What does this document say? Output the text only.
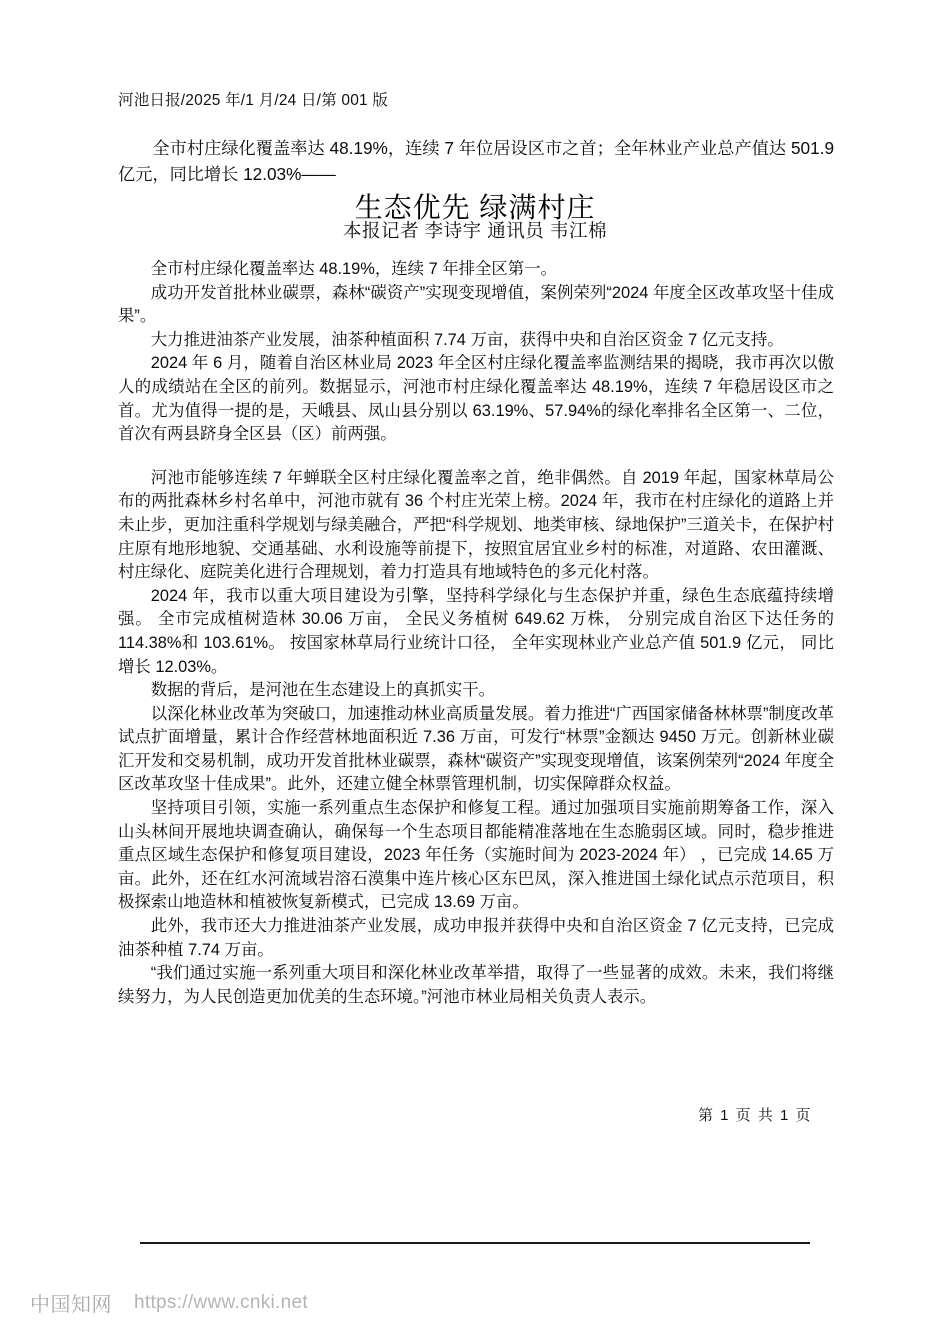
河池日报/2025 年/1 月/24 日/第 001 版
全市村庄绿化覆盖率达 48.19%，连续 7 年位居设区市之首；全年林业产业总产值达 501.9 亿元，同比增长 12.03%——
生态优先 绿满村庄
本报记者 李诗宇 通讯员 韦江棉

全市村庄绿化覆盖率达 48.19%，连续 7 年排全区第一。

成功开发首批林业碳票，森林“碳资产”实现变现增值，案例荣列“2024 年度全区改革攻坚十佳成果”。

大力推进油茶产业发展，油茶种植面积 7.74 万亩，获得中央和自治区资金 7 亿元支持。

2024 年 6 月，随着自治区林业局 2023 年全区村庄绿化覆盖率监测结果的揭晓，我市再次以傲人的成绩站在全区的前列。数据显示，河池市村庄绿化覆盖率达 48.19%，连续 7 年稳居设区市之首。尤为值得一提的是，天峨县、凤山县分别以 63.19%、57.94%的绿化率排名全区第一、二位，首次有两县跻身全区县（区）前两强。

河池市能够连续 7 年蝉联全区村庄绿化覆盖率之首，绝非偶然。自 2019 年起，国家林草局公布的两批森林乡村名单中，河池市就有 36 个村庄光荣上榜。2024 年，我市在村庄绿化的道路上并未止步，更加注重科学规划与绿美融合，严把“科学规划、地类审核、绿地保护”三道关卡，在保护村庄原有地形地貌、交通基础、水利设施等前提下，按照宜居宜业乡村的标准，对道路、农田灌溉、村庄绿化、庭院美化进行合理规划，着力打造具有地域特色的多元化村落。

2024 年，我市以重大项目建设为引擎，坚持科学绿化与生态保护并重，绿色生态底蕴持续增强。 全市完成植树造林 30.06 万亩， 全民义务植树 649.62 万株， 分别完成自治区下达任务的 114.38%和 103.61%。 按国家林草局行业统计口径， 全年实现林业产业总产值 501.9 亿元， 同比增长 12.03%。

数据的背后，是河池在生态建设上的真抓实干。

以深化林业改革为突破口，加速推动林业高质量发展。着力推进“广西国家储备林林票”制度改革试点扩面增量，累计合作经营林地面积近 7.36 万亩，可发行“林票”金额达 9450 万元。创新林业碳汇开发和交易机制，成功开发首批林业碳票，森林“碳资产”实现变现增值，该案例荣列“2024 年度全区改革攻坚十佳成果”。此外，还建立健全林票管理机制，切实保障群众权益。

坚持项目引领，实施一系列重点生态保护和修复工程。通过加强项目实施前期筹备工作，深入山头林间开展地块调查确认，确保每一个生态项目都能精准落地在生态脆弱区域。同时，稳步推进重点区域生态保护和修复项目建设，2023 年任务（实施时间为 2023-2024 年） ，已完成 14.65 万亩。此外，还在红水河流域岩溶石漠集中连片核心区东巴凤，深入推进国土绿化试点示范项目，积极探索山地造林和植被恢复新模式，已完成 13.69 万亩。

此外，我市还大力推进油茶产业发展，成功申报并获得中央和自治区资金 7 亿元支持，已完成油茶种植 7.74 万亩。

“我们通过实施一系列重大项目和深化林业改革举措，取得了一些显著的成效。未来，我们将继续努力，为人民创造更加优美的生态环境。”河池市林业局相关负责人表示。

第 1 页 共 1 页
中国知网 https://www.cnki.net
